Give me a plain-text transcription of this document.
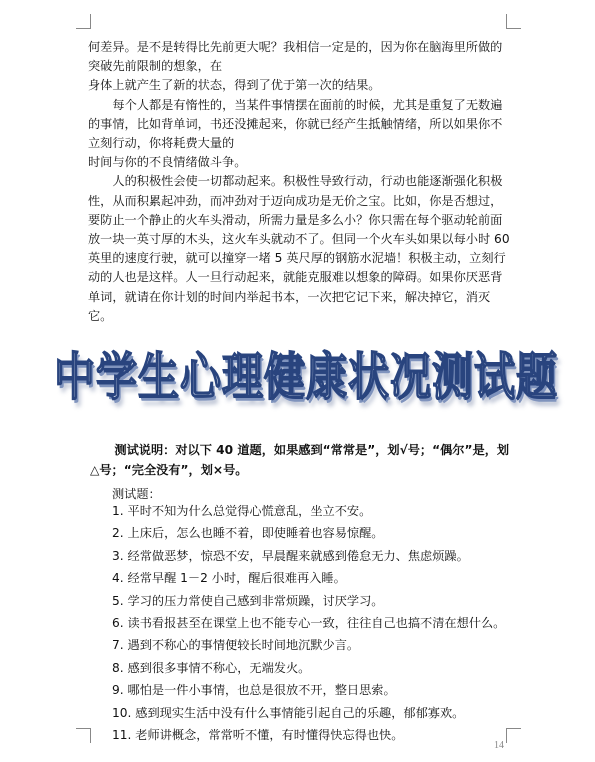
何差异。是不是转得比先前更大呢？我相信一定是的，因为你在脑海里所做的突破先前限制的想象，在

身体上就产生了新的状态，得到了优于第一次的结果。

每个人都是有惰性的，当某件事情摆在面前的时候，尤其是重复了无数遍的事情，比如背单词，书还没摊起来，你就已经产生抵触情绪，所以如果你不立刻行动，你将耗费大量的

时间与你的不良情绪做斗争。

人的积极性会使一切都动起来。积极性导致行动，行动也能逐渐强化积极性，从而积累起冲劲，而冲劲对于迈向成功是无价之宝。比如，你是否想过，要防止一个静止的火车头滑动，所需力量是多么小？你只需在每个驱动轮前面放一块一英寸厚的木头，这火车头就动不了。但同一个火车头如果以每小时 60 英里的速度行驶，就可以撞穿一堵 5 英尺厚的钢筋水泥墙！积极主动，立刻行动的人也是这样。人一旦行动起来，就能克服难以想象的障碍。如果你厌恶背单词，就请在你计划的时间内举起书本，一次把它记下来，解决掉它，消灭它。

中学生心理健康状况测试题
测试说明：对以下 40 道题，如果感到“常常是”，划√号；“偶尔”是，划△号；“完全没有”，划×号。
测试题：
1. 平时不知为什么总觉得心慌意乱，坐立不安。
2. 上床后，怎么也睡不着，即使睡着也容易惊醒。
3. 经常做恶梦，惊恐不安，早晨醒来就感到倦怠无力、焦虑烦躁。
4. 经常早醒 1－2 小时，醒后很难再入睡。
5. 学习的压力常使自己感到非常烦躁，讨厌学习。
6. 读书看报甚至在课堂上也不能专心一致，往往自己也搞不清在想什么。
7. 遇到不称心的事情便较长时间地沉默少言。
8. 感到很多事情不称心，无端发火。
9. 哪怕是一件小事情，也总是很放不开，整日思索。
10. 感到现实生活中没有什么事情能引起自己的乐趣，郁郁寡欢。
11. 老师讲概念，常常听不懂，有时懂得快忘得也快。
14
